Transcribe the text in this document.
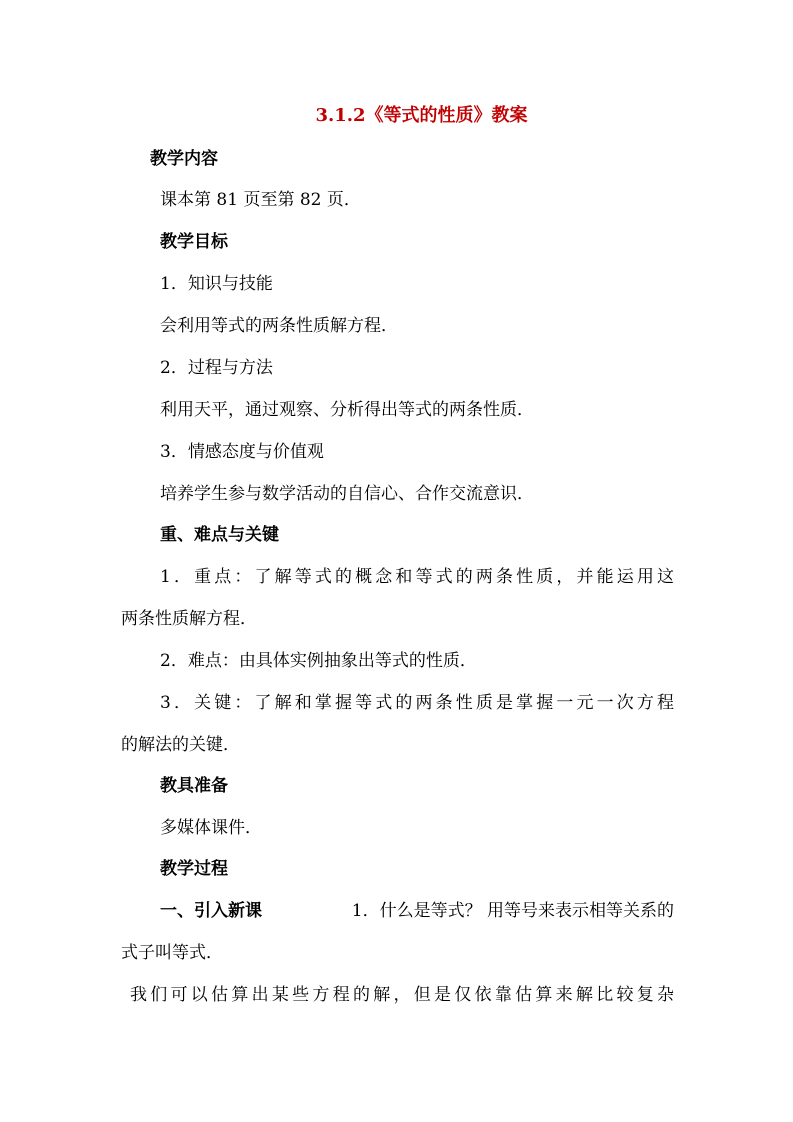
3.1.2《等式的性质》教案
教学内容
课本第 81 页至第 82 页．
教学目标
1．知识与技能
会利用等式的两条性质解方程．
2．过程与方法
利用天平，通过观察、分析得出等式的两条性质．
3．情感态度与价值观
培养学生参与数学活动的自信心、合作交流意识．
重、难点与关键
1．重点：了解等式的概念和等式的两条性质，并能运用这
两条性质解方程．
2．难点：由具体实例抽象出等式的性质．
3．关键：了解和掌握等式的两条性质是掌握一元一次方程
的解法的关键．
教具准备
多媒体课件．
教学过程
一、引入新课	1．什么是等式？ 用等号来表示相等关系的
式子叫等式．
我们可以估算出某些方程的解，但是仅依靠估算来解比较复杂
